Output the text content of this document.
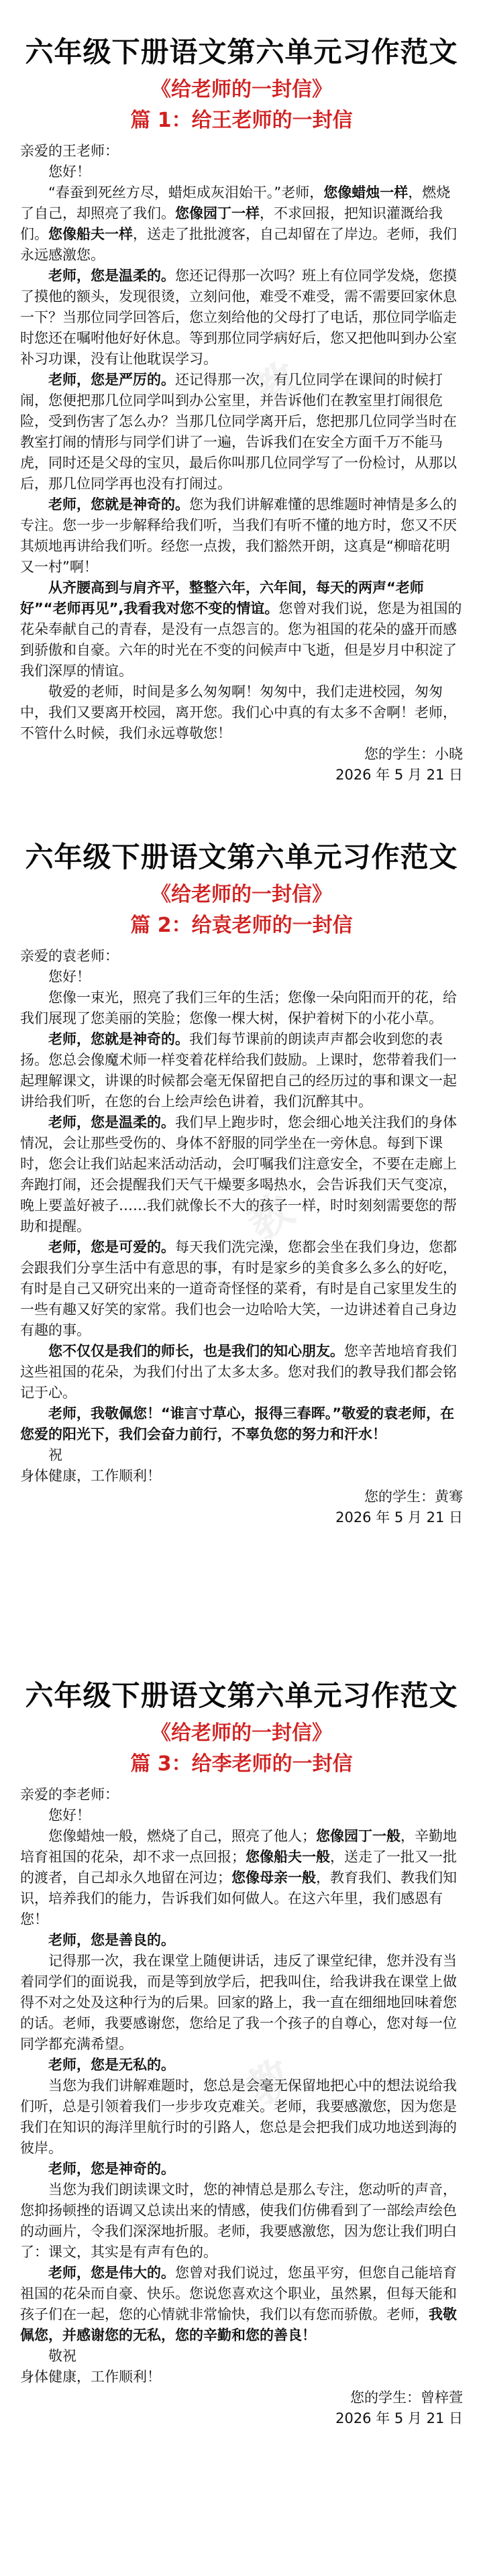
六年级下册语文第六单元习作范文
《给老师的一封信》
篇 1：给王老师的一封信

亲爱的王老师：

您好！

“春蚕到死丝方尽，蜡炬成灰泪始干。”老师，您像蜡烛一样，燃烧了自己，却照亮了我们。您像园丁一样，不求回报，把知识灌溉给我们。您像船夫一样，送走了批批渡客，自己却留在了岸边。老师，我们永远感激您。

老师，您是温柔的。您还记得那一次吗？班上有位同学发烧，您摸了摸他的额头，发现很烫，立刻问他，难受不难受，需不需要回家休息一下？当那位同学回答后，您立刻给他的父母打了电话，那位同学临走时您还在嘱咐他好好休息。等到那位同学病好后，您又把他叫到办公室补习功课，没有让他耽误学习。

老师，您是严厉的。还记得那一次，有几位同学在课间的时候打闹，您便把那几位同学叫到办公室里，并告诉他们在教室里打闹很危险，受到伤害了怎么办？当那几位同学离开后，您把那几位同学当时在教室打闹的情形与同学们讲了一遍，告诉我们在安全方面千万不能马虎，同时还是父母的宝贝，最后你叫那几位同学写了一份检讨，从那以后，那几位同学再也没有打闹过。

老师，您就是神奇的。您为我们讲解难懂的思维题时神情是多么的专注。您一步一步解释给我们听，当我们有听不懂的地方时，您又不厌其烦地再讲给我们听。经您一点拨，我们豁然开朗，这真是“柳暗花明又一村”啊！

从齐腰高到与肩齐平，整整六年，六年间，每天的两声“老师好”“老师再见”,我看我对您不变的情谊。您曾对我们说，您是为祖国的花朵奉献自己的青春，是没有一点怨言的。您为祖国的花朵的盛开而感到骄傲和自豪。六年的时光在不变的问候声中飞逝，但是岁月中积淀了我们深厚的情谊。

敬爱的老师，时间是多么匆匆啊！匆匆中，我们走进校园，匆匆中，我们又要离开校园，离开您。我们心中真的有太多不舍啊！老师，不管什么时候，我们永远尊敬您！

您的学生：小晓

2026 年 5 月 21 日

教
六年级下册语文第六单元习作范文
《给老师的一封信》
篇 2：给袁老师的一封信

亲爱的袁老师：

您好！

您像一束光，照亮了我们三年的生活；您像一朵向阳而开的花，给我们展现了您美丽的笑脸；您像一棵大树，保护着树下的小花小草。

老师，您就是神奇的。我们每节课前的朗读声声都会收到您的表扬。您总会像魔术师一样变着花样给我们鼓励。上课时，您带着我们一起理解课文，讲课的时候都会毫无保留把自己的经历过的事和课文一起讲给我们听，在您的台上绘声绘色讲着，我们沉醉其中。

老师，您是温柔的。我们早上跑步时，您会细心地关注我们的身体情况，会让那些受伤的、身体不舒服的同学坐在一旁休息。每到下课时，您会让我们站起来活动活动，会叮嘱我们注意安全，不要在走廊上奔跑打闹，还会提醒我们天气干燥要多喝热水，会告诉我们天气变凉，晚上要盖好被子……我们就像长不大的孩子一样，时时刻刻需要您的帮助和提醒。

老师，您是可爱的。每天我们洗完澡，您都会坐在我们身边，您都会跟我们分享生活中有意思的事，有时是家乡的美食多么多么的好吃，有时是自己又研究出来的一道奇奇怪怪的菜肴，有时是自己家里发生的一些有趣又好笑的家常。我们也会一边哈哈大笑，一边讲述着自己身边有趣的事。

您不仅仅是我们的师长，也是我们的知心朋友。您辛苦地培育我们这些祖国的花朵，为我们付出了太多太多。您对我们的教导我们都会铭记于心。

老师，我敬佩您！“谁言寸草心，报得三春晖。”敬爱的袁老师，在您爱的阳光下，我们会奋力前行，不辜负您的努力和汗水！

祝

身体健康，工作顺利！

您的学生：黄骞

2026 年 5 月 21 日

教
六年级下册语文第六单元习作范文
《给老师的一封信》
篇 3：给李老师的一封信

亲爱的李老师：

您好！

您像蜡烛一般，燃烧了自己，照亮了他人；您像园丁一般，辛勤地培育祖国的花朵，却不求一点回报；您像船夫一般，送走了一批又一批的渡者，自己却永久地留在河边；您像母亲一般，教育我们、教我们知识，培养我们的能力，告诉我们如何做人。在这六年里，我们感恩有您！

老师，您是善良的。

记得那一次，我在课堂上随便讲话，违反了课堂纪律，您并没有当着同学们的面说我，而是等到放学后，把我叫住，给我讲我在课堂上做得不对之处及这种行为的后果。回家的路上，我一直在细细地回味着您的话。老师，我要感谢您，您给足了我一个孩子的自尊心，您对每一位同学都充满希望。

老师，您是无私的。

当您为我们讲解难题时，您总是会毫无保留地把心中的想法说给我们听，总是引领着我们一步步攻克难关。老师，我要感激您，因为您是我们在知识的海洋里航行时的引路人，您总是会把我们成功地送到海的彼岸。

老师，您是神奇的。

当您为我们朗读课文时，您的神情总是那么专注，您动听的声音，您抑扬顿挫的语调又总读出来的情感，使我们仿佛看到了一部绘声绘色的动画片，令我们深深地折服。老师，我要感激您，因为您让我们明白了：课文，其实是有声有色的。

老师，您是伟大的。您曾对我们说过，您虽平穷，但您自己能培育祖国的花朵而自豪、快乐。您说您喜欢这个职业，虽然累，但每天能和孩子们在一起，您的心情就非常愉快，我们以有您而骄傲。老师，我敬佩您，并感谢您的无私，您的辛勤和您的善良！

敬祝

身体健康，工作顺利！

您的学生：曾梓萱

2026 年 5 月 21 日

教
